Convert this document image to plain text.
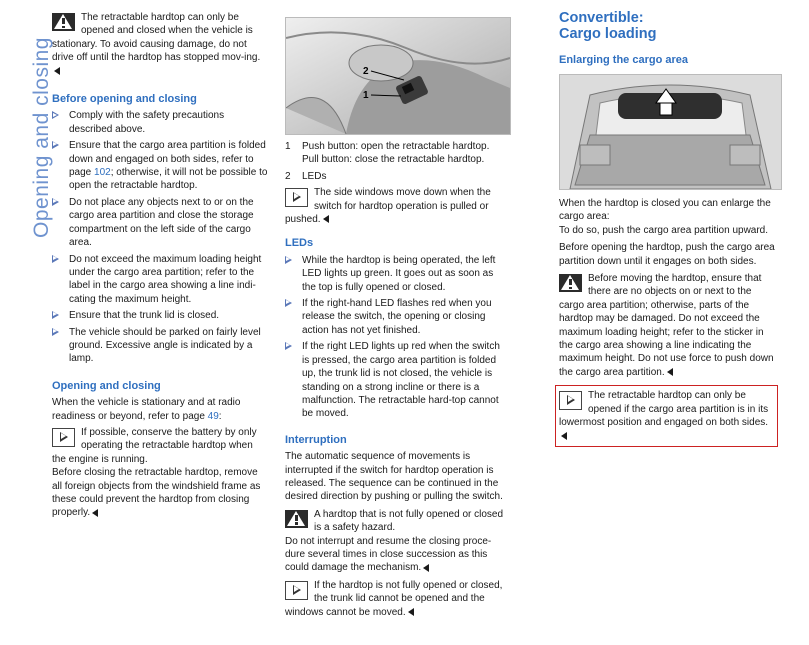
Opening and closing
The retractable hardtop can only be opened and closed when the vehicle is stationary. To avoid causing damage, do not drive off until the hardtop has stopped mov-ing.
Before opening and closing
Comply with the safety precautions described above.
Ensure that the cargo area partition is folded down and engaged on both sides, refer to page 102; otherwise, it will not be possible to open the retractable hardtop.
Do not place any objects next to or on the cargo area partition and close the storage compartment on the left side of the cargo area.
Do not exceed the maximum loading height under the cargo area partition; refer to the label in the cargo area showing a line indi-cating the maximum height.
Ensure that the trunk lid is closed.
The vehicle should be parked on fairly level ground. Excessive angle is indicated by a lamp.
Opening and closing

When the vehicle is stationary and at radio readiness or beyond, refer to page 49:

If possible, conserve the battery by only operating the retractable hardtop when the engine is running.

Before closing the retractable hardtop, remove all foreign objects from the windshield frame as these could prevent the hardtop from closing properly.

2
1
1 Push button: open the retractable hardtop. Pull button: close the retractable hardtop.
2 LEDs
The side windows move down when the switch for hardtop operation is pulled or pushed.
LEDs
While the hardtop is being operated, the left LED lights up green. It goes out as soon as the top is fully opened or closed.
If the right-hand LED flashes red when you release the switch, the opening or closing action has not yet finished.
If the right LED lights up red when the switch is pressed, the cargo area partition is folded up, the trunk lid is not closed, the vehicle is standing on a strong incline or there is a malfunction. The retractable hard-top cannot be moved.
Interruption

The automatic sequence of movements is interrupted if the switch for hardtop operation is released. The sequence can be continued in the desired direction by pushing or pulling the switch.

A hardtop that is not fully opened or closed is a safety hazard.

Do not interrupt and resume the closing proce-dure several times in close succession as this could damage the mechanism.

If the hardtop is not fully opened or closed, the trunk lid cannot be opened and the windows cannot be moved.
Convertible:
Cargo loading
Enlarging the cargo area

When the hardtop is closed you can enlarge the cargo area:

To do so, push the cargo area partition upward.

Before opening the hardtop, push the cargo area partition down until it engages on both sides.

Before moving the hardtop, ensure that there are no objects on or next to the cargo area partition; otherwise, parts of the hardtop may be damaged. Do not exceed the maximum loading height; refer to the sticker in the cargo area showing a line indicating the maximum height. Do not use force to push down the cargo area partition.
The retractable hardtop can only be opened if the cargo area partition is in its lowermost position and engaged on both sides.
